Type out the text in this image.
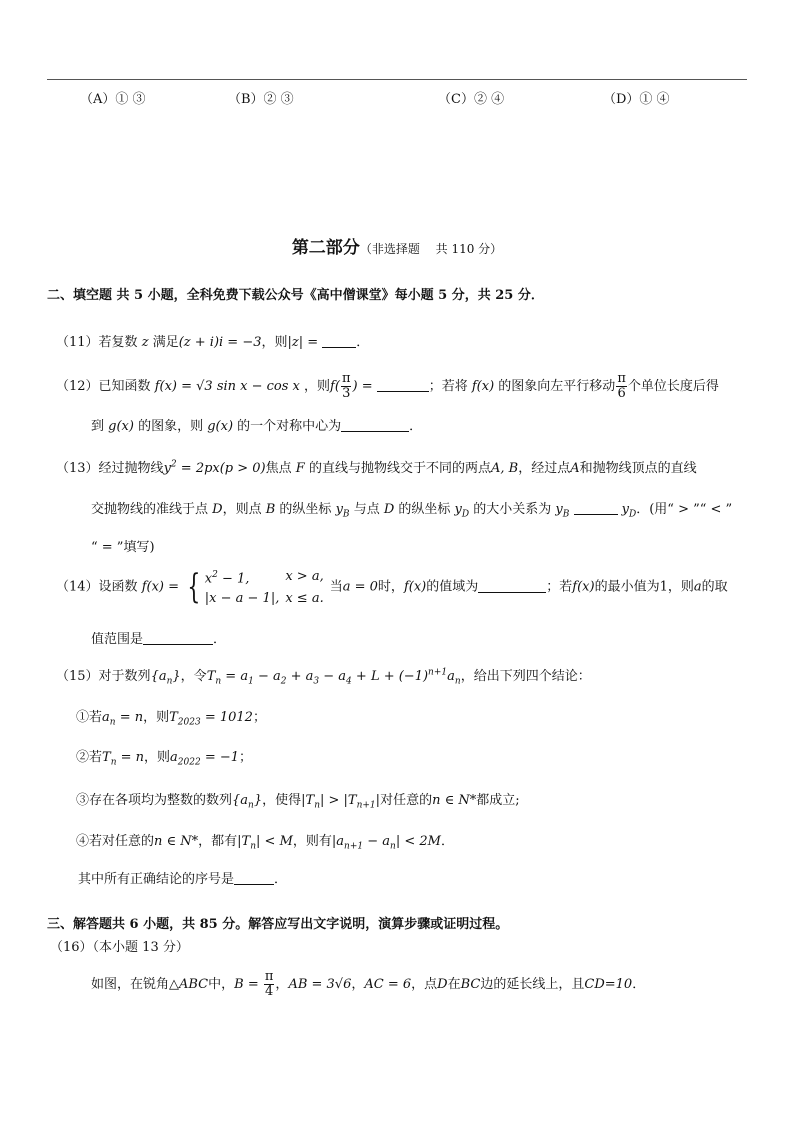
（A）① ③	（B）② ③	（C）② ④	（D）① ④
第二部分（非选择题　 共 110 分）
二、填空题 共 5 小题，全科免费下载公众号《高中僧课堂》每小题 5 分，共 25 分．
（11）若复数 z 满足(z + i)i = −3，则|z| =	．
（12）已知函数 f(x) = √3 sin x − cos x ，则$f( \frac{\pi}{3}$ ) =	；若将 f(x) 的图象向左平行移动 $\frac{\pi}{6}$ 个单位长度后得
到 g(x) 的图象，则 g(x) 的一个对称中心为	．
（13）经过抛物线$y^2 = 2px(p > 0)$焦点 F 的直线与抛物线交于不同的两点A, B，经过点A和抛物线顶点的直线
交抛物线的准线于点 D，则点 B 的纵坐标 $y_B$ 与点 D 的纵坐标 $y_D$ 的大小关系为 $y_B$	$y_D$．(用“ > ”“ < ”
“ = ”填写)
（14）设函数 f(x) = { $x^2 - 1$,	x > a,
|x − a − 1|,	x ≤ a.当a = 0时，f(x)的值域为	；若f(x)的最小值为1，则a的取
值范围是	．
（15）对于数列$\{a_n\}$，令$T_n = a_1 - a_2 + a_3 - a_4 + L + (-1)^{n+1}a_n$，给出下列四个结论：
①若$a_n = n$，则$T_{2023} = 1012$；
②若$T_n = n$，则$a_{2022} = -1$；
③存在各项均为整数的数列$\{a_n\}$，使得$|T_n| > |T_{n+1}|$对任意的n ∈ N*都成立;
④若对任意的n ∈ N*，都有$|T_n| < M$，则有$|a_{n+1} - a_n| < 2M$．
其中所有正确结论的序号是	．
三、解答题共 6 小题，共 85 分。解答应写出文字说明，演算步骤或证明过程。
（16）（本小题 13 分）
如图，在锐角△ABC中，$B = \frac{\pi}{4}$ ，AB = 3√6，AC = 6，点D在BC边的延长线上，且CD=10．
